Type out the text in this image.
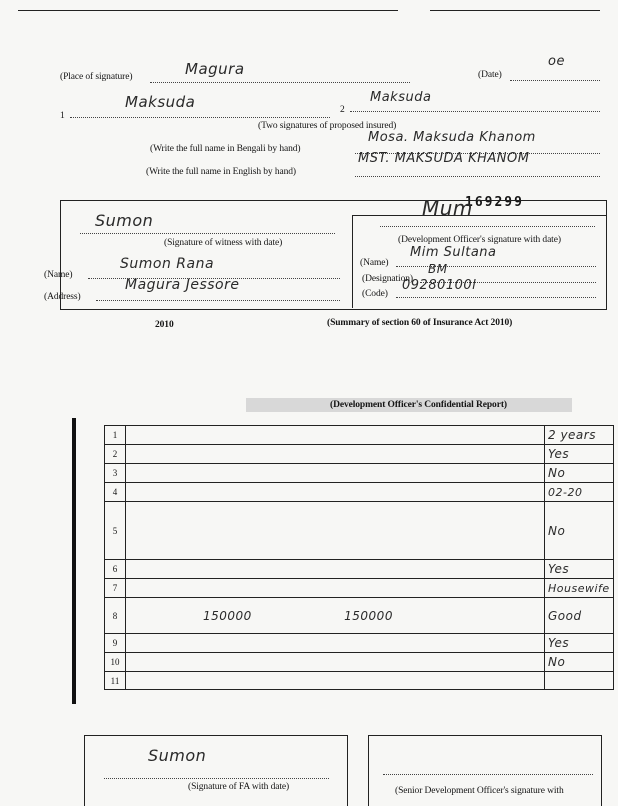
(Place of signature)	Magura	(Date)
oe
1
Maksuda	2
Maksuda
(Two signatures of proposed insured)
(Write the full name in Bengali by hand)
Mosa. Maksuda Khanom
(Write the full name in English by hand)
MST. MAKSUDA KHANOM
169299
Sumon
(Signature of witness with date)
(Name)
Sumon Rana
(Address)
Magura Jessore
Mum
(Development Officer's signature with date)
(Name)
Mim Sultana
(Designation)
BM
(Code)
09280100l
2010	(Summary of section 60 of Insurance Act 2010)
(Development Officer's Confidential Report)
1		2 years
2		Yes
3		No
4		02-20
5		No
6		Yes
7		Housewife
8	150000 150000	Good
9		Yes
10		No
11		
Sumon
(Signature of FA with date)	(Senior Development Officer's signature with
